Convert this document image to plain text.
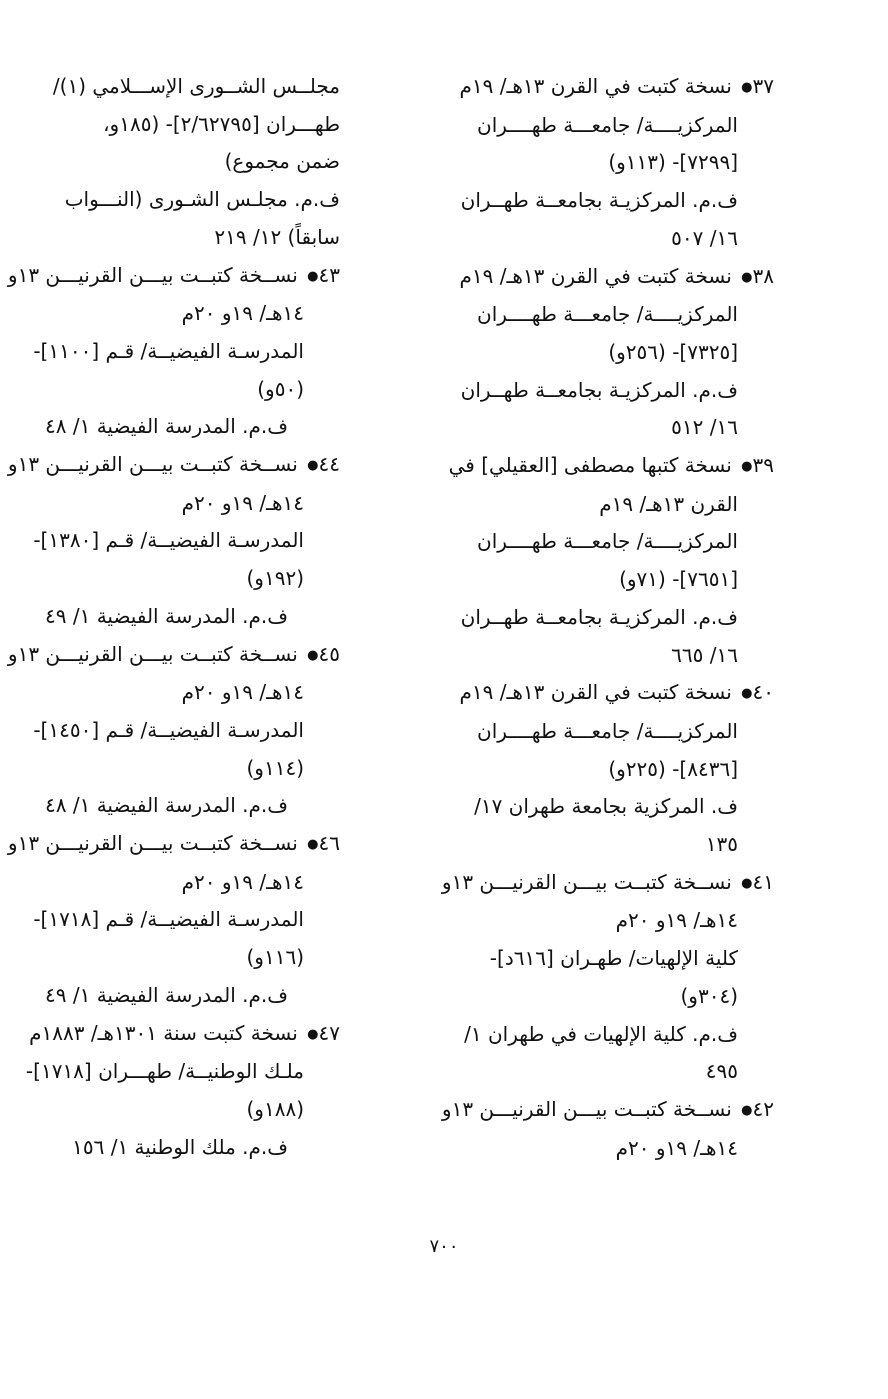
٣٧● نسخة كتبت في القرن ١٣هـ/ ١٩م
المركزيــــة/ جامعـــة طهــــران
[٧٢٩٩]- (١١٣و)
ف.م. المركزيـة بجامعــة طهــران
١٦/ ٥٠٧
٣٨● نسخة كتبت في القرن ١٣هـ/ ١٩م
المركزيــــة/ جامعـــة طهــــران
[٧٣٢٥]- (٢٥٦و)
ف.م. المركزيـة بجامعــة طهــران
١٦/ ٥١٢
٣٩● نسخة كتبها مصطفى [العقيلي] في
القرن ١٣هـ/ ١٩م
المركزيــــة/ جامعـــة طهــــران
[٧٦٥١]- (٧١و)
ف.م. المركزيـة بجامعــة طهــران
١٦/ ٦٦٥
٤٠● نسخة كتبت في القرن ١٣هـ/ ١٩م
المركزيــــة/ جامعـــة طهــــران
[٨٤٣٦]- (٢٢٥و)
ف. المركزية بجامعة طهران ١٧/
١٣٥
٤١● نســخة كتبــت بيـــن القرنيـــن ١٣و
١٤هـ/ ١٩و ٢٠م
كلية الإلهيات/ طهـران [٦١٦د]-
(٣٠٤و)
ف.م. كلية الإلهيات في طهران ١/
٤٩٥
٤٢● نســخة كتبــت بيـــن القرنيـــن ١٣و
١٤هـ/ ١٩و ٢٠م
مجلــس الشــورى الإســـلامي (١)/
طهـــران [٢/٦٢٧٩٥]- (١٨٥و،
ضمن مجموع)
ف.م. مجلـس الشـورى (النـــواب
سابقاً) ١٢/ ٢١٩
٤٣● نســخة كتبــت بيـــن القرنيـــن ١٣و
١٤هـ/ ١٩و ٢٠م
المدرسـة الفيضيــة/ قـم [١١٠٠]-
(٥٠و)
ف.م. المدرسة الفيضية ١/ ٤٨
٤٤● نســخة كتبــت بيـــن القرنيـــن ١٣و
١٤هـ/ ١٩و ٢٠م
المدرسـة الفيضيــة/ قـم [١٣٨٠]-
(١٩٢و)
ف.م. المدرسة الفيضية ١/ ٤٩
٤٥● نســخة كتبــت بيـــن القرنيـــن ١٣و
١٤هـ/ ١٩و ٢٠م
المدرسـة الفيضيــة/ قـم [١٤٥٠]-
(١١٤و)
ف.م. المدرسة الفيضية ١/ ٤٨
٤٦● نســخة كتبــت بيـــن القرنيـــن ١٣و
١٤هـ/ ١٩و ٢٠م
المدرسـة الفيضيــة/ قـم [١٧١٨]-
(١١٦و)
ف.م. المدرسة الفيضية ١/ ٤٩
٤٧● نسخة كتبت سنة ١٣٠١هـ/ ١٨٨٣م
ملـك الوطنيــة/ طهـــران [١٧١٨]-
(١٨٨و)
ف.م. ملك الوطنية ١/ ١٥٦
٧٠٠
